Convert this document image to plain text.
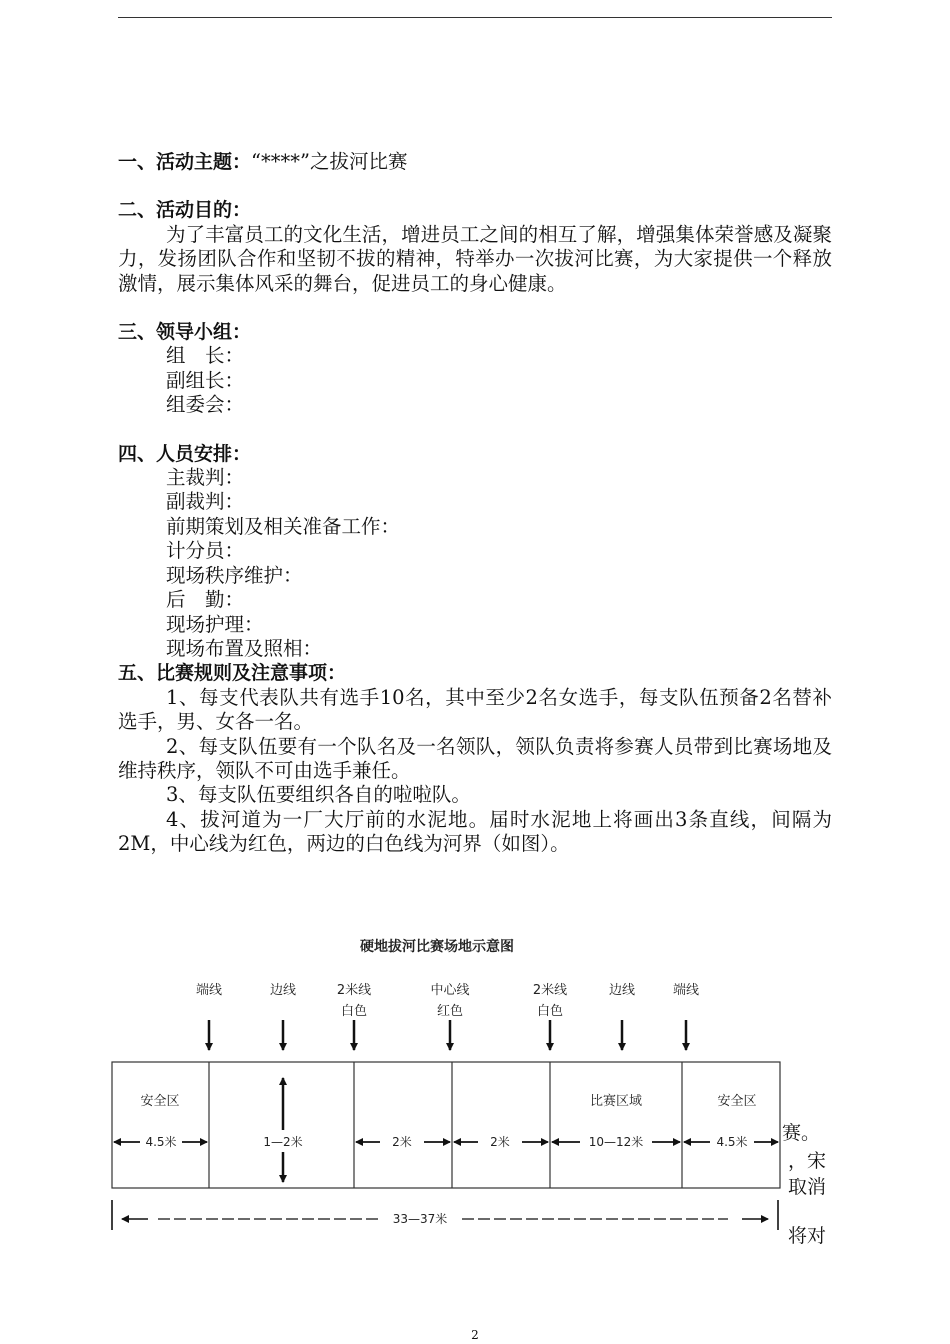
一、活动主题：“****”之拔河比赛
二、活动目的：
为了丰富员工的文化生活，增进员工之间的相互了解，增强集体荣誉感及凝聚力，发扬团队合作和坚韧不拔的精神，特举办一次拔河比赛，为大家提供一个释放激情，展示集体风采的舞台，促进员工的身心健康。
三、领导小组：
组　长：
副组长：
组委会：
四、人员安排：
主裁判：
副裁判：
前期策划及相关准备工作：
计分员：
现场秩序维护：
后　勤：
现场护理：
现场布置及照相：
五、比赛规则及注意事项：
1、每支代表队共有选手10名，其中至少2名女选手，每支队伍预备2名替补选手，男、女各一名。
2、每支队伍要有一个队名及一名领队，领队负责将参赛人员带到比赛场地及维持秩序，领队不可由选手兼任。
3、每支队伍要组织各自的啦啦队。
4、拔河道为一厂大厅前的水泥地。届时水泥地上将画出3条直线，间隔为2M，中心线为红色，两边的白色线为河界（如图）。
硬地拔河比赛场地示意图
端线	边线	2米线
白色
中心线
红色
2米线
白色
边线	端线
安全区	比赛区域	安全区
4.5米	1—2米	2米	2米	10—12米	4.5米
33—37米
赛。
，宋
取消
将对
2
